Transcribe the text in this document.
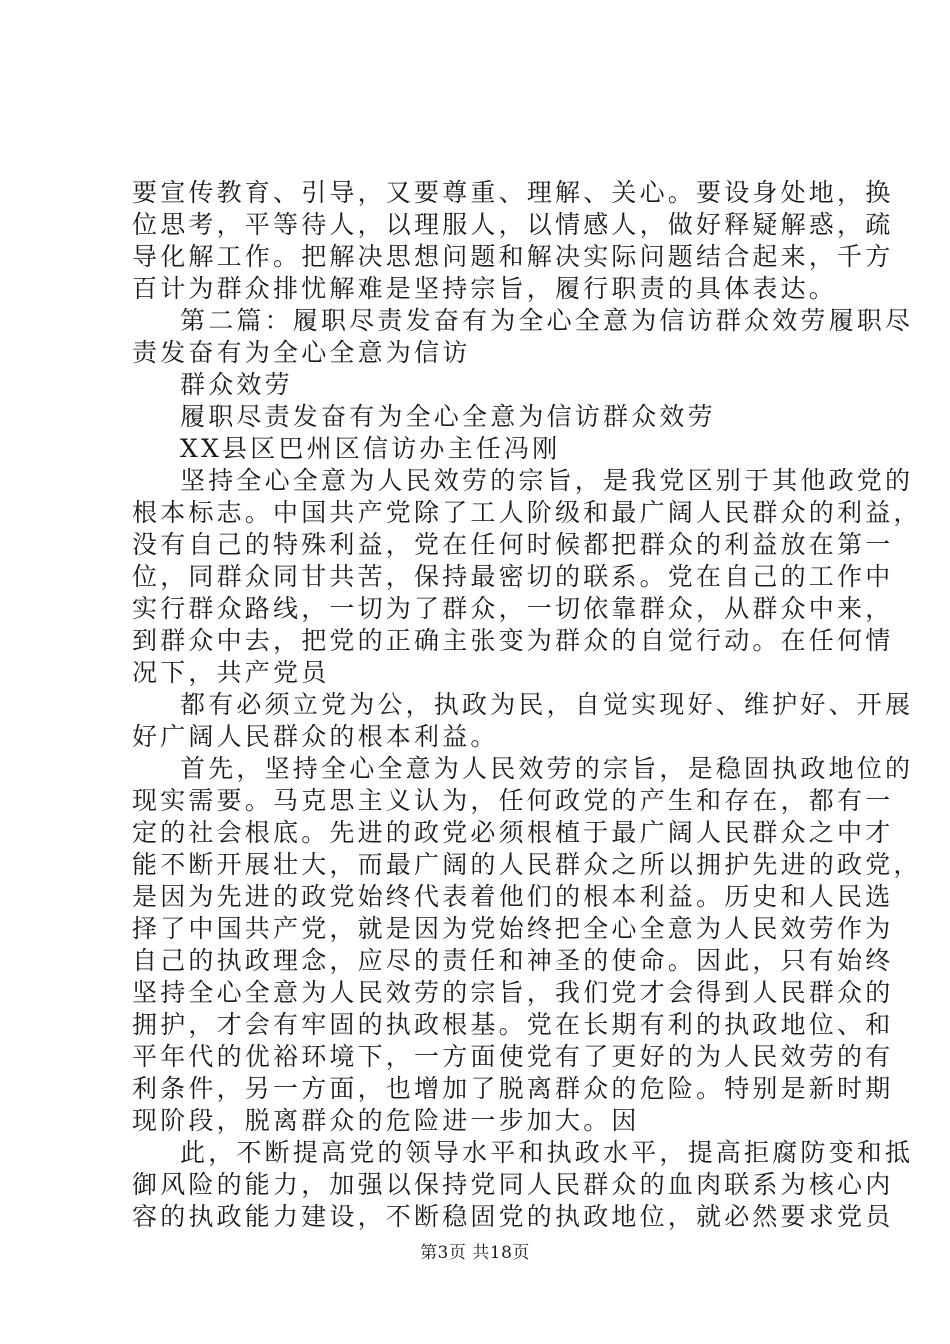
要宣传教育、引导，又要尊重、理解、关心。要设身处地，换
位思考，平等待人，以理服人，以情感人，做好释疑解惑，疏
导化解工作。把解决思想问题和解决实际问题结合起来，千方
百计为群众排忧解难是坚持宗旨，履行职责的具体表达。
第二篇：履职尽责发奋有为全心全意为信访群众效劳履职尽
责发奋有为全心全意为信访
群众效劳
履职尽责发奋有为全心全意为信访群众效劳
XX县区巴州区信访办主任冯刚
坚持全心全意为人民效劳的宗旨，是我党区别于其他政党的
根本标志。中国共产党除了工人阶级和最广阔人民群众的利益，
没有自己的特殊利益，党在任何时候都把群众的利益放在第一
位，同群众同甘共苦，保持最密切的联系。党在自己的工作中
实行群众路线，一切为了群众，一切依靠群众，从群众中来，
到群众中去，把党的正确主张变为群众的自觉行动。在任何情
况下，共产党员
都有必须立党为公，执政为民，自觉实现好、维护好、开展
好广阔人民群众的根本利益。
首先，坚持全心全意为人民效劳的宗旨，是稳固执政地位的
现实需要。马克思主义认为，任何政党的产生和存在，都有一
定的社会根底。先进的政党必须根植于最广阔人民群众之中才
能不断开展壮大，而最广阔的人民群众之所以拥护先进的政党，
是因为先进的政党始终代表着他们的根本利益。历史和人民选
择了中国共产党，就是因为党始终把全心全意为人民效劳作为
自己的执政理念，应尽的责任和神圣的使命。因此，只有始终
坚持全心全意为人民效劳的宗旨，我们党才会得到人民群众的
拥护，才会有牢固的执政根基。党在长期有利的执政地位、和
平年代的优裕环境下，一方面使党有了更好的为人民效劳的有
利条件，另一方面，也增加了脱离群众的危险。特别是新时期
现阶段，脱离群众的危险进一步加大。因
此，不断提高党的领导水平和执政水平，提高拒腐防变和抵
御风险的能力，加强以保持党同人民群众的血肉联系为核心内
容的执政能力建设，不断稳固党的执政地位，就必然要求党员
第3页 共18页
